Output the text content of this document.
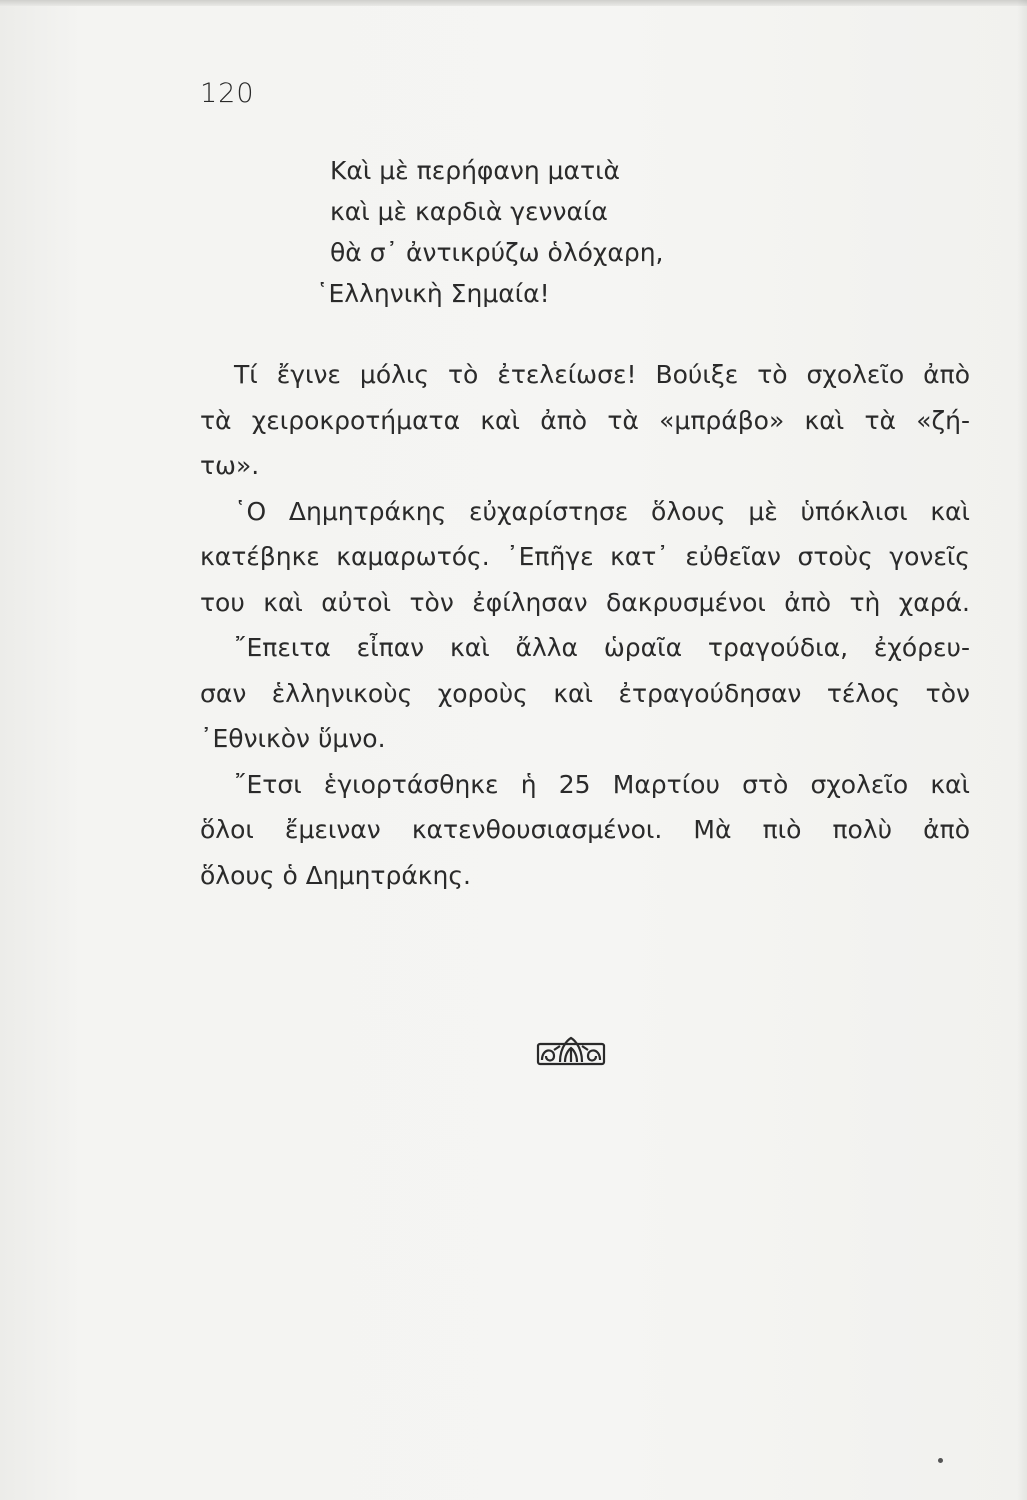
120
Καὶ μὲ περήφανη ματιὰ
καὶ μὲ καρδιὰ γενναία
θὰ σ᾿ ἀντικρύζω ὁλόχαρη,
῾Ελληνικὴ Σημαία!
Τί ἔγινε μόλις τὸ ἐτελείωσε! Βούιξε τὸ σχολεῖο ἀπὸ
τὰ χειροκροτήματα καὶ ἀπὸ τὰ «μπράβο» καὶ τὰ «ζή-
τω».
῾Ο Δημητράκης εὐχαρίστησε ὅλους μὲ ὑπόκλισι καὶ
κατέβηκε καμαρωτός. ᾿Επῆγε κατ᾿ εὐθεῖαν στοὺς γονεῖς
του καὶ αὐτοὶ τὸν ἐφίλησαν δακρυσμένοι ἀπὸ τὴ χαρά.
῎Επειτα εἶπαν καὶ ἄλλα ὡραῖα τραγούδια, ἐχόρευ-
σαν ἑλληνικοὺς χοροὺς καὶ ἐτραγούδησαν τέλος τὸν
᾿Εθνικὸν ὕμνο.
῎Ετσι ἑγιορτάσθηκε ἡ 25 Μαρτίου στὸ σχολεῖο καὶ
ὅλοι ἔμειναν κατενθουσιασμένοι. Μὰ πιὸ πολὺ ἀπὸ
ὅλους ὁ Δημητράκης.
